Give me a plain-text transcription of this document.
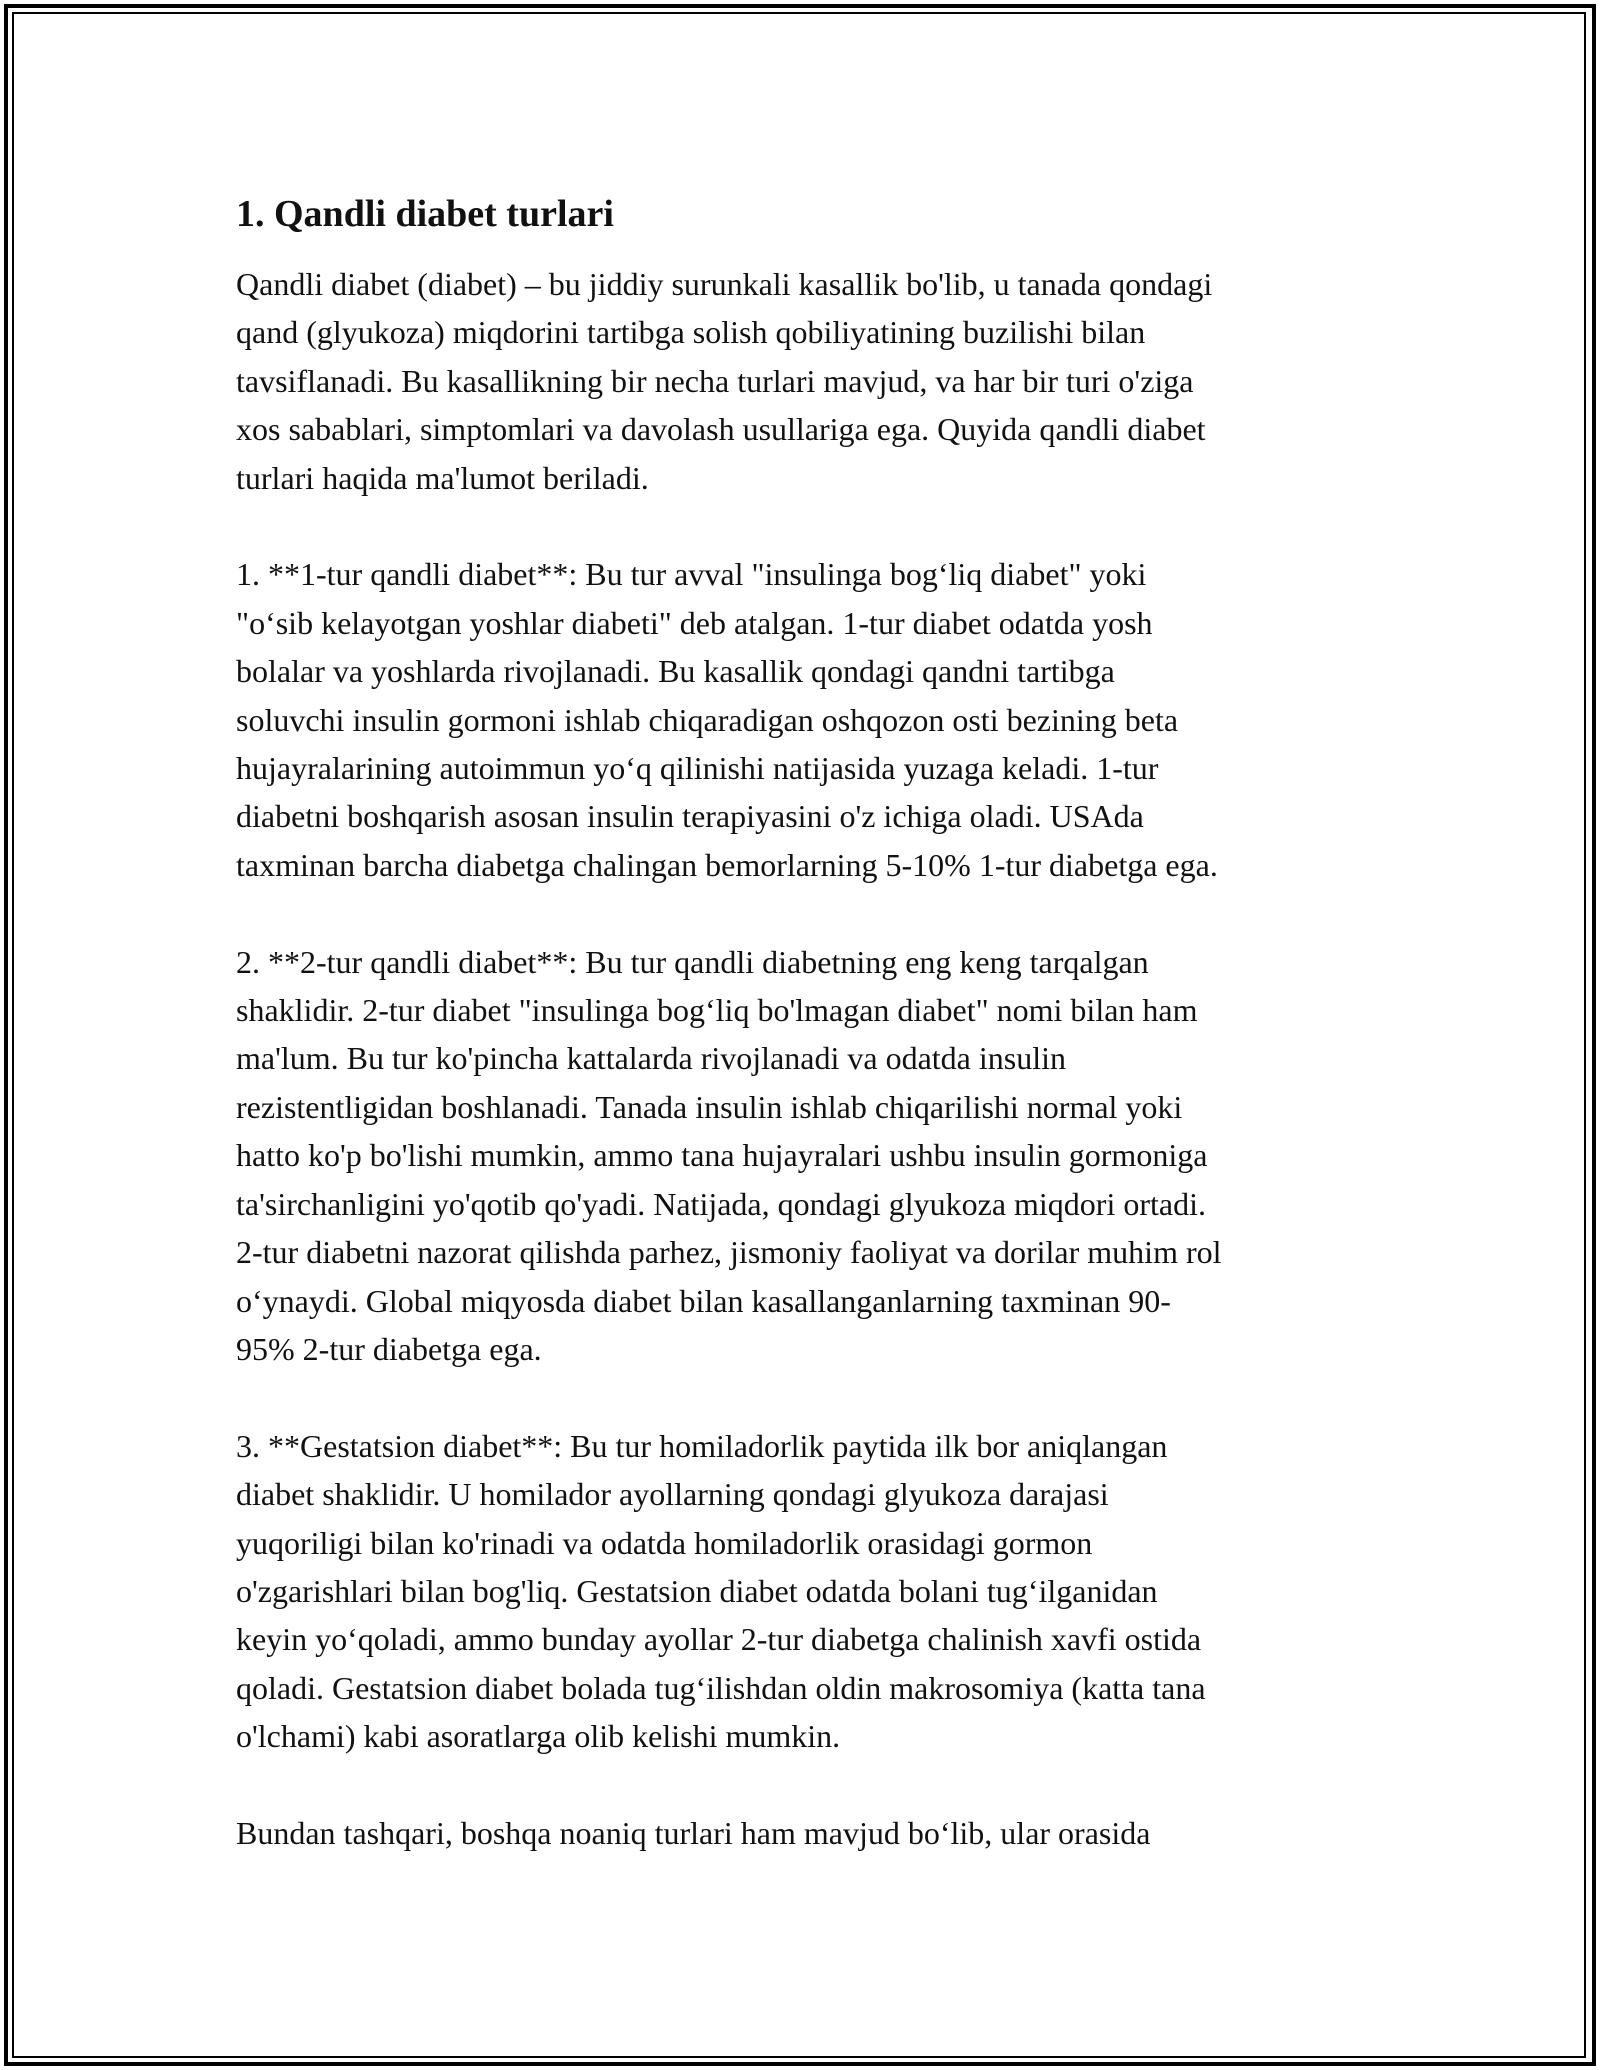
1. Qandli diabet turlari
Qandli diabet (diabet) – bu jiddiy surunkali kasallik bo'lib, u tanada qondagi
qand (glyukoza) miqdorini tartibga solish qobiliyatining buzilishi bilan
tavsiflanadi. Bu kasallikning bir necha turlari mavjud, va har bir turi o'ziga
xos sabablari, simptomlari va davolash usullariga ega. Quyida qandli diabet
turlari haqida ma'lumot beriladi.
1. **1-tur qandli diabet**: Bu tur avval "insulinga bog‘liq diabet" yoki
"o‘sib kelayotgan yoshlar diabeti" deb atalgan. 1-tur diabet odatda yosh
bolalar va yoshlarda rivojlanadi. Bu kasallik qondagi qandni tartibga
soluvchi insulin gormoni ishlab chiqaradigan oshqozon osti bezining beta
hujayralarining autoimmun yo‘q qilinishi natijasida yuzaga keladi. 1-tur
diabetni boshqarish asosan insulin terapiyasini o'z ichiga oladi. USAda
taxminan barcha diabetga chalingan bemorlarning 5-10% 1-tur diabetga ega.
2. **2-tur qandli diabet**: Bu tur qandli diabetning eng keng tarqalgan
shaklidir. 2-tur diabet "insulinga bog‘liq bo'lmagan diabet" nomi bilan ham
ma'lum. Bu tur ko'pincha kattalarda rivojlanadi va odatda insulin
rezistentligidan boshlanadi. Tanada insulin ishlab chiqarilishi normal yoki
hatto ko'p bo'lishi mumkin, ammo tana hujayralari ushbu insulin gormoniga
ta'sirchanligini yo'qotib qo'yadi. Natijada, qondagi glyukoza miqdori ortadi.
2-tur diabetni nazorat qilishda parhez, jismoniy faoliyat va dorilar muhim rol
o‘ynaydi. Global miqyosda diabet bilan kasallanganlarning taxminan 90-
95% 2-tur diabetga ega.
3. **Gestatsion diabet**: Bu tur homiladorlik paytida ilk bor aniqlangan
diabet shaklidir. U homilador ayollarning qondagi glyukoza darajasi
yuqoriligi bilan ko'rinadi va odatda homiladorlik orasidagi gormon
o'zgarishlari bilan bog'liq. Gestatsion diabet odatda bolani tug‘ilganidan
keyin yo‘qoladi, ammo bunday ayollar 2-tur diabetga chalinish xavfi ostida
qoladi. Gestatsion diabet bolada tug‘ilishdan oldin makrosomiya (katta tana
o'lchami) kabi asoratlarga olib kelishi mumkin.
Bundan tashqari, boshqa noaniq turlari ham mavjud bo‘lib, ular orasida
